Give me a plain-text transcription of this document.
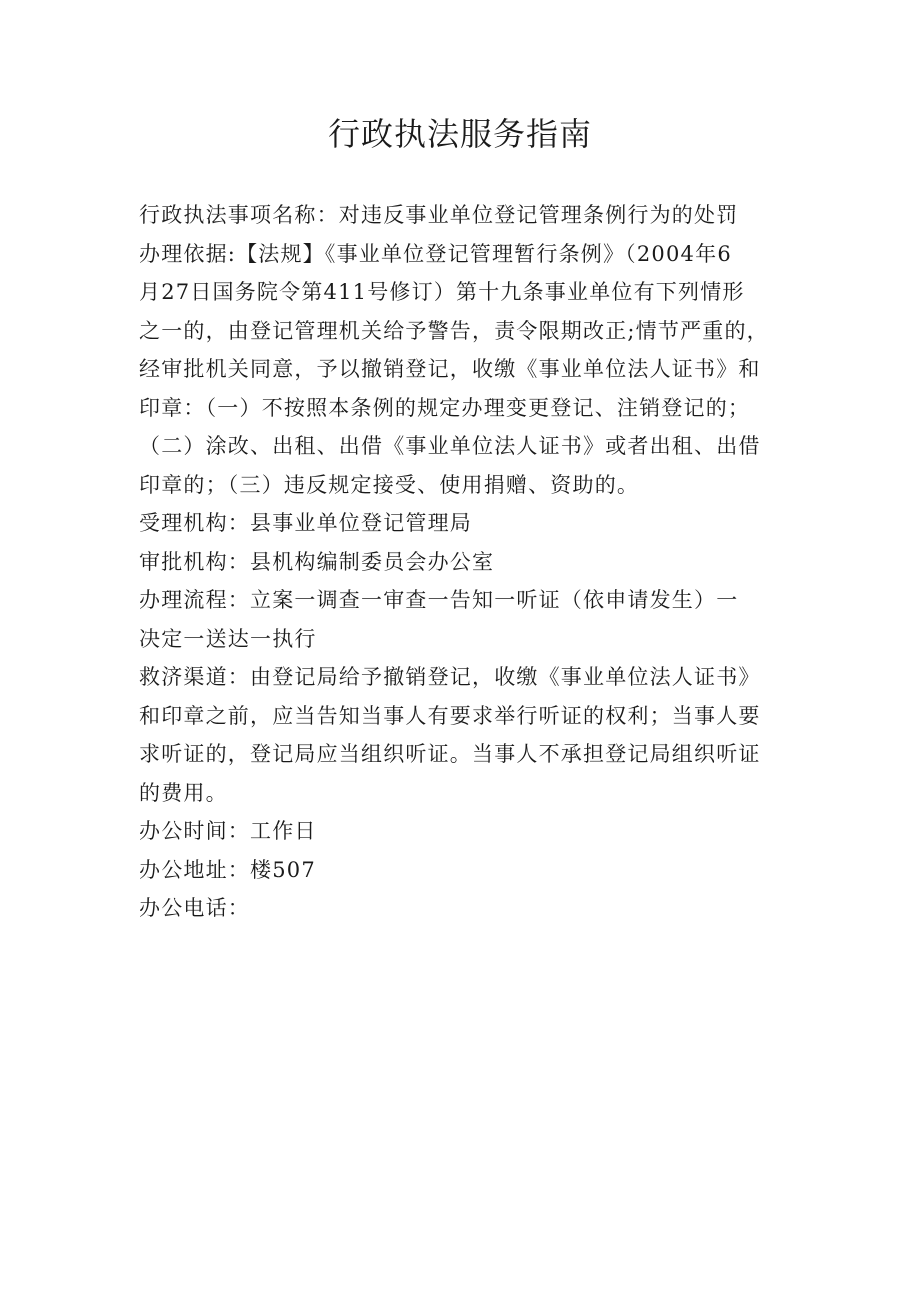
行政执法服务指南
行政执法事项名称：对违反事业单位登记管理条例行为的处罚
办理依据:【法规】《事业单位登记管理暂行条例》（2004年6
月27日国务院令第411号修订）第十九条事业单位有下列情形
之一的，由登记管理机关给予警告，责令限期改正;情节严重的，
经审批机关同意，予以撤销登记，收缴《事业单位法人证书》和
印章：（一）不按照本条例的规定办理变更登记、注销登记的；
（二）涂改、出租、出借《事业单位法人证书》或者出租、出借
印章的；（三）违反规定接受、使用捐赠、资助的。
受理机构：县事业单位登记管理局
审批机构：县机构编制委员会办公室
办理流程：立案一调查一审查一告知一听证（依申请发生）一
决定一送达一执行
救济渠道：由登记局给予撤销登记，收缴《事业单位法人证书》
和印章之前，应当告知当事人有要求举行听证的权利；当事人要
求听证的，登记局应当组织听证。当事人不承担登记局组织听证
的费用。
办公时间：工作日
办公地址：楼507
办公电话：
